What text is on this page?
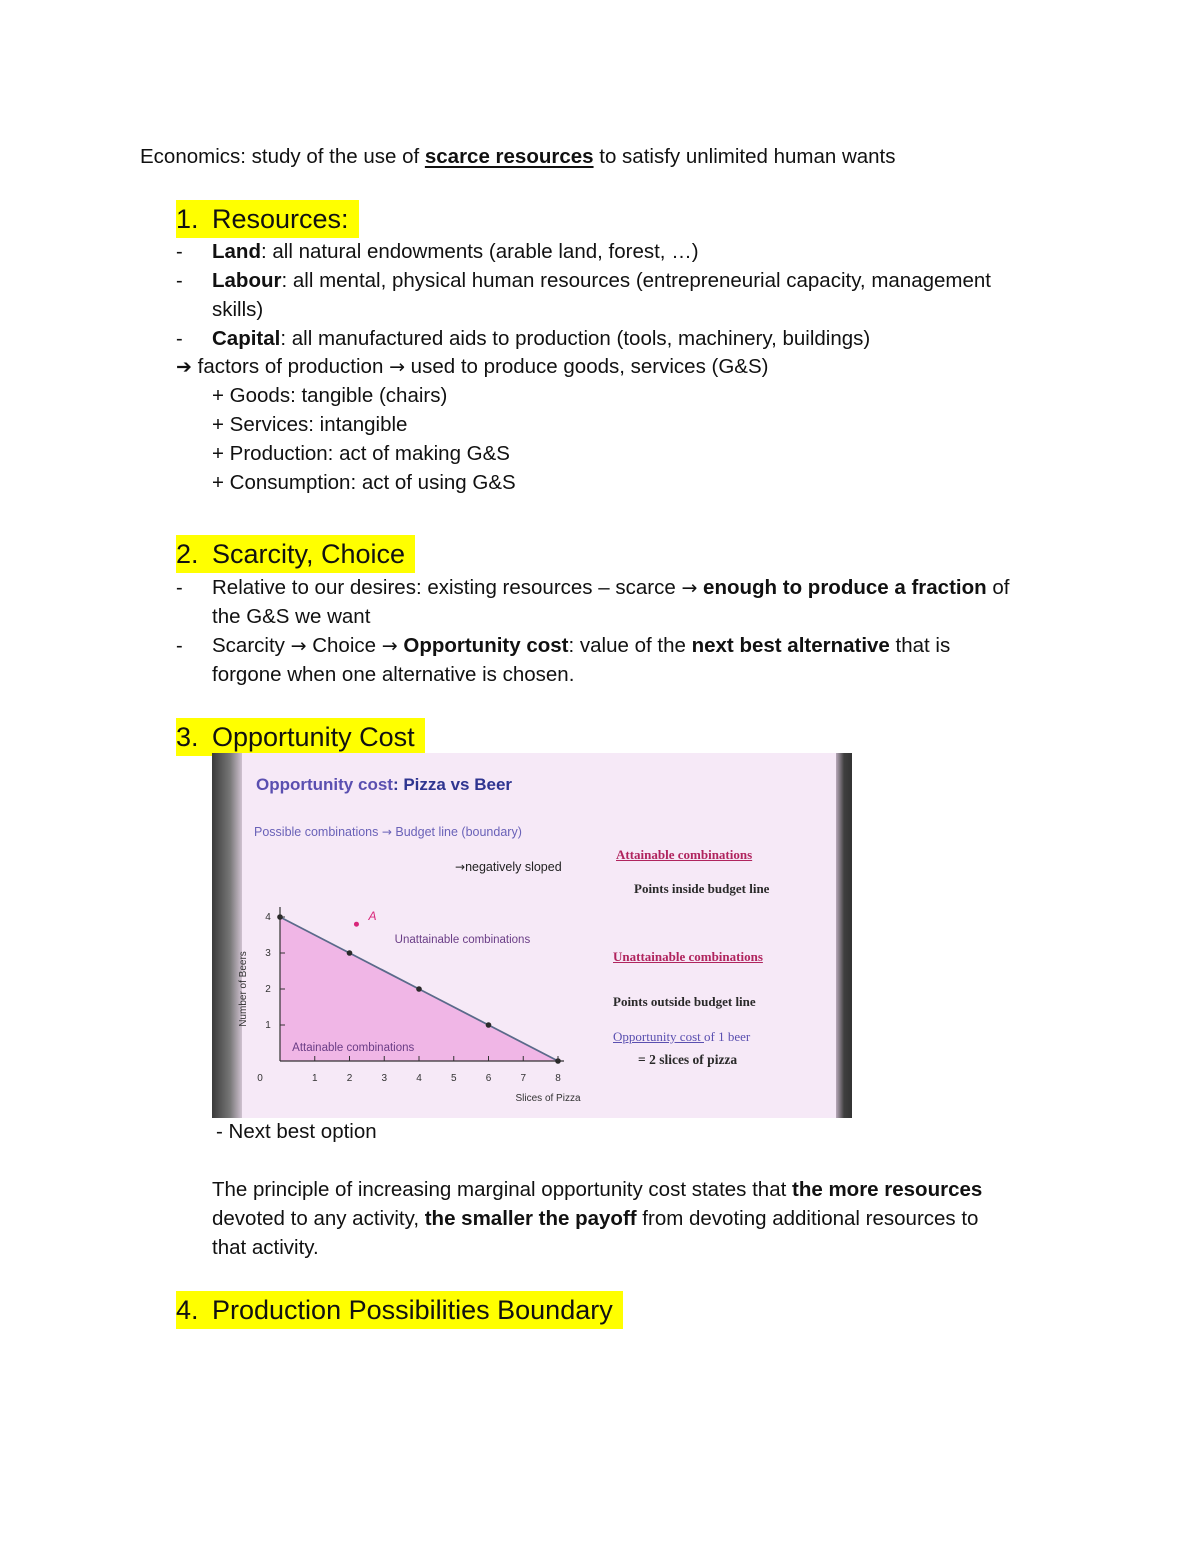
Economics: study of the use of scarce resources to satisfy unlimited human wants
1. Resources:
- Land: all natural endowments (arable land, forest, …)
- Labour: all mental, physical human resources (entrepreneurial capacity, management
skills)
- Capital: all manufactured aids to production (tools, machinery, buildings)
➔ factors of production → used to produce goods, services (G&S)
+ Goods: tangible (chairs)
+ Services: intangible
+ Production: act of making G&S
+ Consumption: act of using G&S
2. Scarcity, Choice
- Relative to our desires: existing resources – scarce → enough to produce a fraction of
the G&S we want
- Scarcity → Choice → Opportunity cost: value of the next best alternative that is
forgone when one alternative is chosen.
3. Opportunity Cost
Opportunity cost: Pizza vs Beer
Possible combinations → Budget line (boundary)
→negatively sloped
Attainable combinations
Points inside budget line
Unattainable combinations
Points outside budget line
Opportunity cost of 1 beer
= 2 slices of pizza
0	1	2	3	4	5	6	7	8
1
2
3
4
Slices of Pizza
Number of Beers
A
Unattainable combinations
Attainable combinations
- Next best option
The principle of increasing marginal opportunity cost states that the more resources
devoted to any activity, the smaller the payoff from devoting additional resources to
that activity.
4. Production Possibilities Boundary
